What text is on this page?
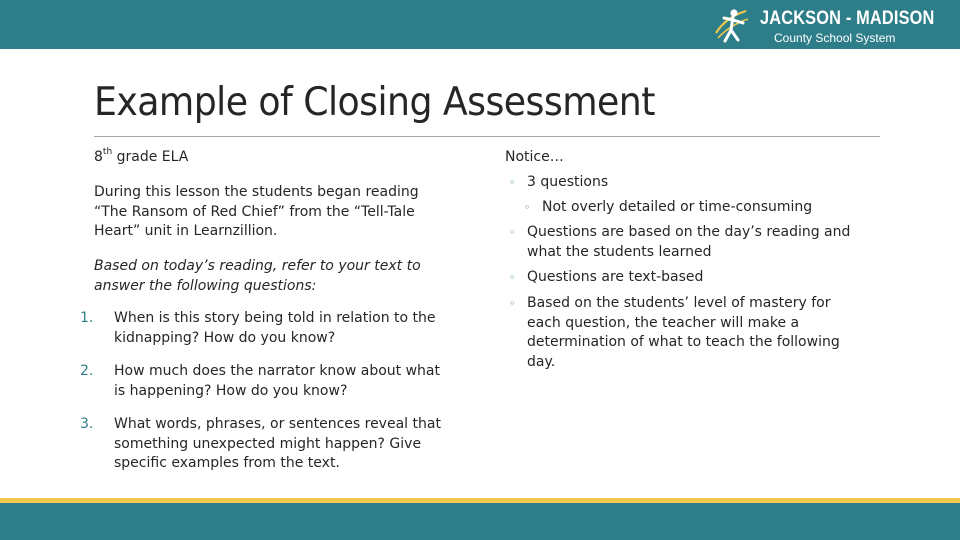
JACKSON - MADISON
County School System
Example of Closing Assessment

8th grade ELA

During this lesson the students began reading “The Ransom of Red Chief” from the “Tell-Tale Heart” unit in Learnzillion.

Based on today’s reading, refer to your text to answer the following questions:

1. When is this story being told in relation to the kidnapping? How do you know?
2. How much does the narrator know about what is happening? How do you know?
3. What words, phrases, or sentences reveal that something unexpected might happen? Give specific examples from the text.
Notice…
◦ 3 questions
◦ Not overly detailed or time-consuming
◦ Questions are based on the day’s reading and what the students learned
◦ Questions are text-based
◦ Based on the students’ level of mastery for each question, the teacher will make a determination of what to teach the following day.
